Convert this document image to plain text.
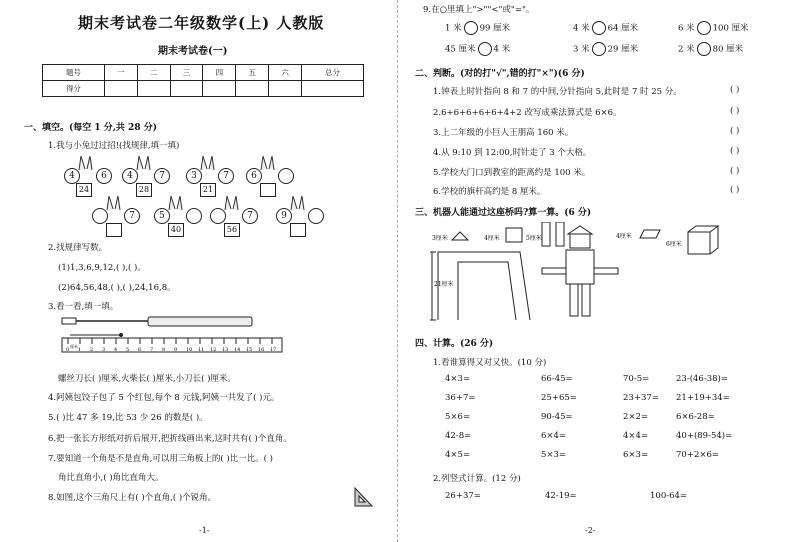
期末考试卷二年级数学(上) 人教版
期末考试卷(一)
题号	一	二	三	四	五	六	总分
得分							
一、填空。(每空 1 分,共 28 分)
1.我与小兔过过招!(找规律,填一填)
4	6
24
4	7
28
3	7
21
6
7	5
40
7
56
9
2.找规律写数。
(1)1,3,6,9,12,( ),( )。
(2)64,56,48,( ),( ),24,16,8。
3.看一看,填一填。
0 1 2 3 4 5 6 7 8 9 10 11 12 13 14 15 16 17
厘米
螺丝刀长( )厘米,火柴长( )厘米,小刀长( )厘米。
4.阿姨包饺子包了 5 个红包,每个 8 元钱,阿姨一共发了( )元。
5.( )比 47 多 19,比 53 少 26 的数是( )。
6.把一张长方形纸对折后展开,把折线画出来,这时共有( )个直角。
7.要知道一个角是不是直角,可以用三角板上的( )比一比。( )
角比直角小,( )角比直角大。
8.如图,这个三角尺上有( )个直角,( )个锐角。
-1-
9.在○里填上">""<"或"="。
1 米 99 厘米	4 米 64 厘米	6 米 100 厘米
45 厘米 4 米	3 米 29 厘米	2 米 80 厘米
二、判断。(对的打"√",错的打"×")(6 分)
1.钟表上时针指向 8 和 7 的中间,分针指向 5,此时是 7 时 25 分。	( )
2.6+6+6+6+6+4+2 改写成乘法算式是 6×6。	( )
3.上二年级的小巨人王朋高 160 米。	( )
4.从 9:10 到 12:00,时针走了 3 个大格。	( )
5.学校大门口到教室的距离约是 100 米。	( )
6.学校的旗杆高约是 8 厘米。	( )
三、机器人能通过这座桥吗?算一算。(6 分)
3厘米	4厘米	5厘米	4厘米
6厘米
21厘米
四、计算。(26 分)
1.看谁算得又对又快。(10 分)
4×3=	66-45=	70-5=	23-(46-38)=
36+7=	25+65=	23+37= 21+19+34=
5×6=	90-45=	2×2=	6×6-28=
42-8=	6×4=	4×4=	40+(89-54)=
4×5=	5×3=	6×3=	70+2×6=
2.列竖式计算。(12 分)
26+37=	42-19=	100-64=
-2-
